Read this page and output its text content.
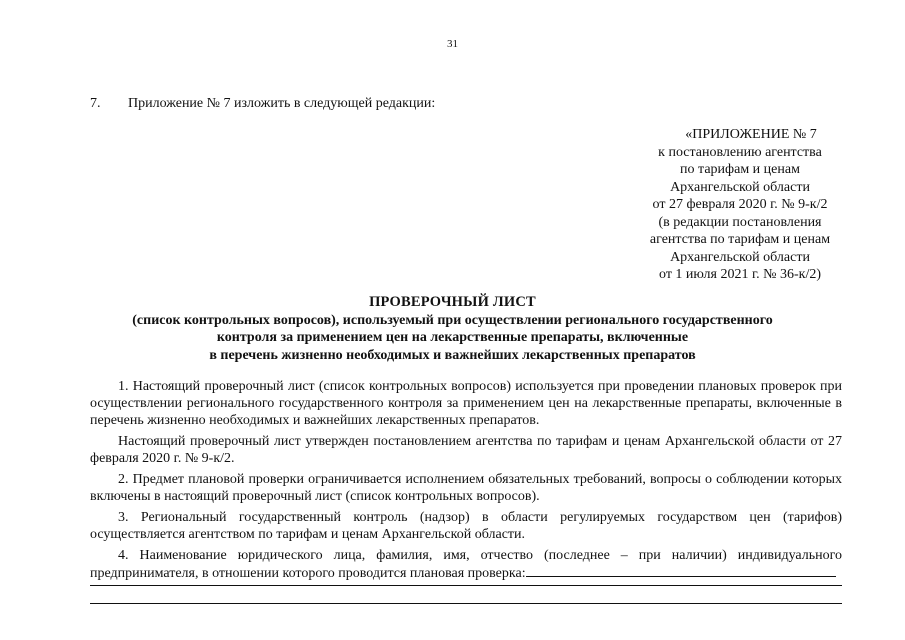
31
7. Приложение № 7 изложить в следующей редакции:
«ПРИЛОЖЕНИЕ № 7
к постановлению агентства
по тарифам и ценам
Архангельской области
от 27 февраля 2020 г. № 9-к/2
(в редакции постановления
агентства по тарифам и ценам
Архангельской области
от 1 июля 2021 г. № 36-к/2)
ПРОВЕРОЧНЫЙ ЛИСТ
(список контрольных вопросов), используемый при осуществлении регионального государственного
контроля за применением цен на лекарственные препараты, включенные
в перечень жизненно необходимых и важнейших лекарственных препаратов

1. Настоящий проверочный лист (список контрольных вопросов) используется при проведении плановых проверок при осуществлении регионального государственного контроля за применением цен на лекарственные препараты, включенные в перечень жизненно необходимых и важнейших лекарственных препаратов.

Настоящий проверочный лист утвержден постановлением агентства по тарифам и ценам Архангельской области от 27 февраля 2020 г. № 9-к/2.

2. Предмет плановой проверки ограничивается исполнением обязательных требований, вопросы о соблюдении которых включены в настоящий проверочный лист (список контрольных вопросов).

3. Региональный государственный контроль (надзор) в области регулируемых государством цен (тарифов) осуществляется агентством по тарифам и ценам Архангельской области.

4. Наименование юридического лица, фамилия, имя, отчество (последнее – при наличии) индивидуального предпринимателя, в отношении которого проводится плановая проверка:
